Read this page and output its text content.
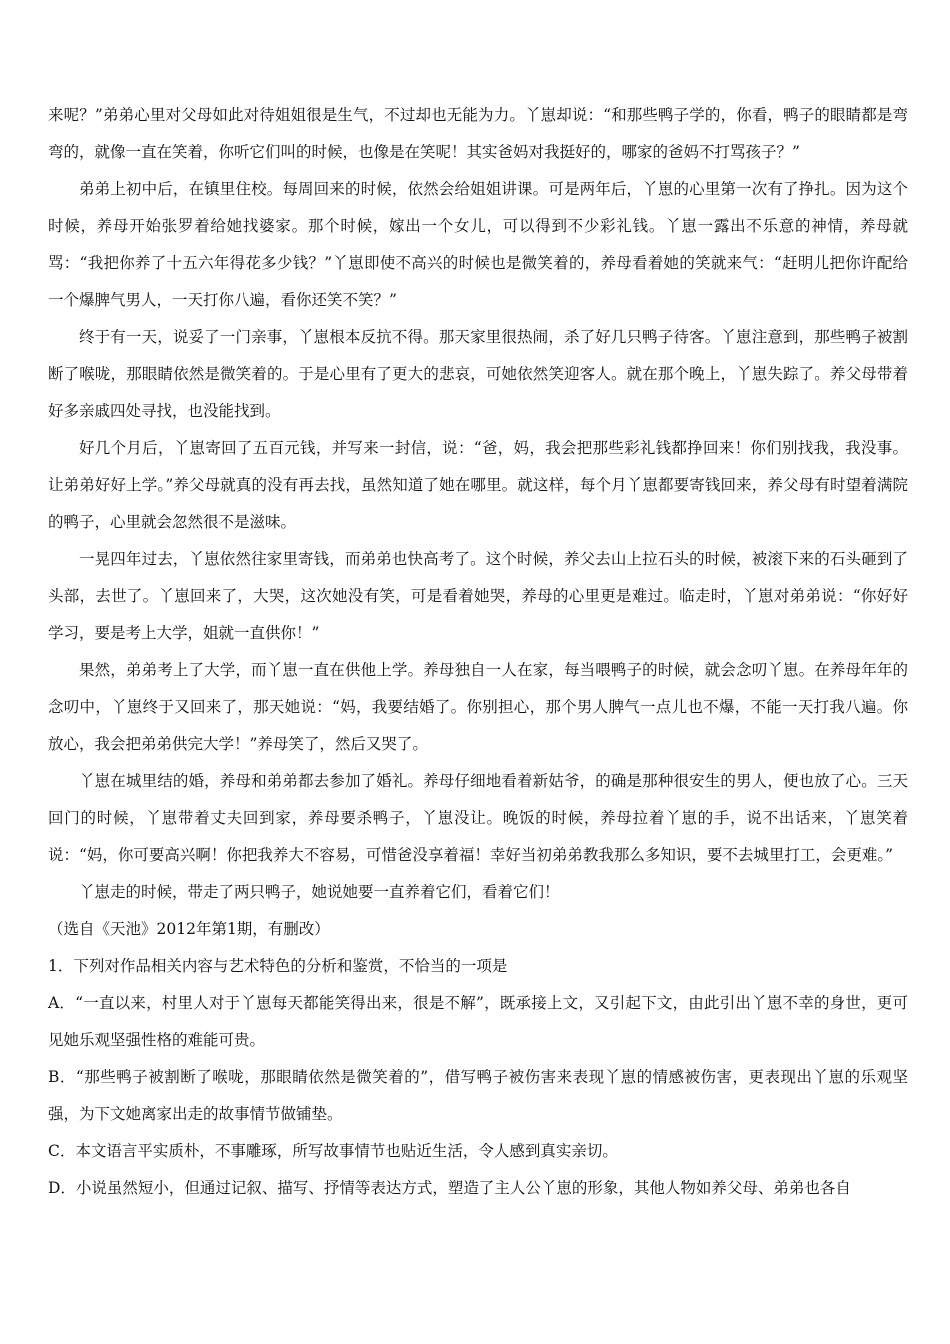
来呢？”弟弟心里对父母如此对待姐姐很是生气，不过却也无能为力。丫崽却说：“和那些鸭子学的，你看，鸭子的眼睛都是弯弯的，就像一直在笑着，你听它们叫的时候，也像是在笑呢！其实爸妈对我挺好的，哪家的爸妈不打骂孩子？”

弟弟上初中后，在镇里住校。每周回来的时候，依然会给姐姐讲课。可是两年后，丫崽的心里第一次有了挣扎。因为这个时候，养母开始张罗着给她找婆家。那个时候，嫁出一个女儿，可以得到不少彩礼钱。丫崽一露出不乐意的神情，养母就骂：“我把你养了十五六年得花多少钱？”丫崽即使不高兴的时候也是微笑着的，养母看着她的笑就来气：“赶明儿把你许配给一个爆脾气男人，一天打你八遍，看你还笑不笑？”

终于有一天，说妥了一门亲事，丫崽根本反抗不得。那天家里很热闹，杀了好几只鸭子待客。丫崽注意到，那些鸭子被割断了喉咙，那眼睛依然是微笑着的。于是心里有了更大的悲哀，可她依然笑迎客人。就在那个晚上，丫崽失踪了。养父母带着好多亲戚四处寻找，也没能找到。

好几个月后，丫崽寄回了五百元钱，并写来一封信，说：“爸，妈，我会把那些彩礼钱都挣回来！你们别找我，我没事。让弟弟好好上学。”养父母就真的没有再去找，虽然知道了她在哪里。就这样，每个月丫崽都要寄钱回来，养父母有时望着满院的鸭子，心里就会忽然很不是滋味。

一晃四年过去，丫崽依然往家里寄钱，而弟弟也快高考了。这个时候，养父去山上拉石头的时候，被滚下来的石头砸到了头部，去世了。丫崽回来了，大哭，这次她没有笑，可是看着她哭，养母的心里更是难过。临走时，丫崽对弟弟说：“你好好学习，要是考上大学，姐就一直供你！”

果然，弟弟考上了大学，而丫崽一直在供他上学。养母独自一人在家，每当喂鸭子的时候，就会念叨丫崽。在养母年年的念叨中，丫崽终于又回来了，那天她说：“妈，我要结婚了。你别担心，那个男人脾气一点儿也不爆，不能一天打我八遍。你放心，我会把弟弟供完大学！”养母笑了，然后又哭了。

丫崽在城里结的婚，养母和弟弟都去参加了婚礼。养母仔细地看着新姑爷，的确是那种很安生的男人，便也放了心。三天回门的时候，丫崽带着丈夫回到家，养母要杀鸭子，丫崽没让。晚饭的时候，养母拉着丫崽的手，说不出话来，丫崽笑着说：“妈，你可要高兴啊！你把我养大不容易，可惜爸没享着福！幸好当初弟弟教我那么多知识，要不去城里打工，会更难。”

丫崽走的时候，带走了两只鸭子，她说她要一直养着它们，看着它们！

（选自《天池》2012年第1期，有删改）

1．下列对作品相关内容与艺术特色的分析和鉴赏，不恰当的一项是

A．“一直以来，村里人对于丫崽每天都能笑得出来，很是不解”，既承接上文，又引起下文，由此引出丫崽不幸的身世，更可见她乐观坚强性格的难能可贵。

B．“那些鸭子被割断了喉咙，那眼睛依然是微笑着的”，借写鸭子被伤害来表现丫崽的情感被伤害，更表现出丫崽的乐观坚强，为下文她离家出走的故事情节做铺垫。

C．本文语言平实质朴，不事雕琢，所写故事情节也贴近生活，令人感到真实亲切。

D．小说虽然短小，但通过记叙、描写、抒情等表达方式，塑造了主人公丫崽的形象，其他人物如养父母、弟弟也各自
